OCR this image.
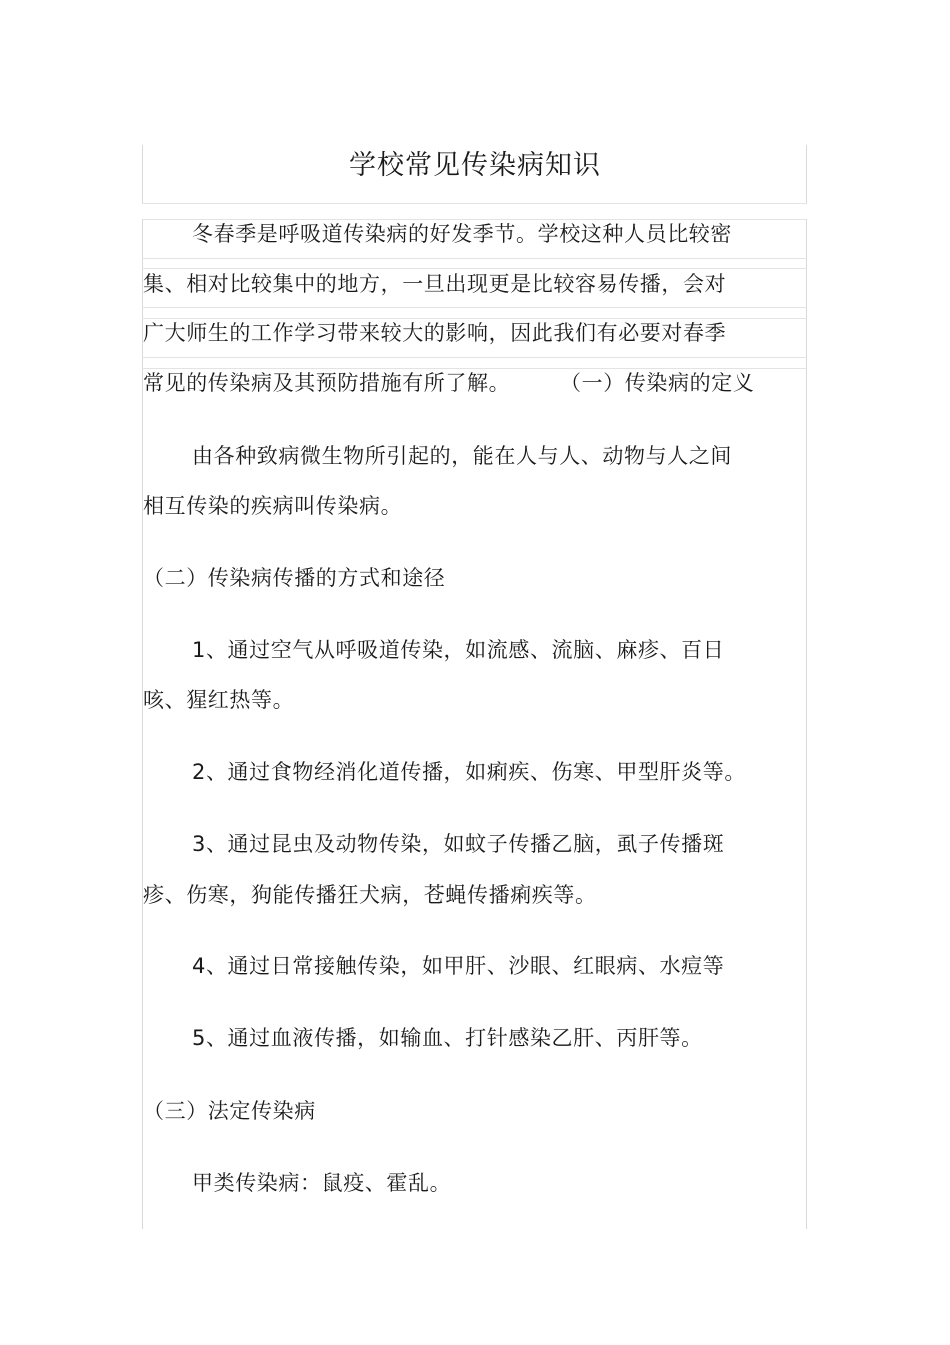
学校常见传染病知识
冬春季是呼吸道传染病的好发季节。学校这种人员比较密
集、相对比较集中的地方，一旦出现更是比较容易传播，会对
广大师生的工作学习带来较大的影响，因此我们有必要对春季
常见的传染病及其预防措施有所了解。 （一）传染病的定义
由各种致病微生物所引起的，能在人与人、动物与人之间
相互传染的疾病叫传染病。
（二）传染病传播的方式和途径
1、通过空气从呼吸道传染，如流感、流脑、麻疹、百日
咳、猩红热等。
2、通过食物经消化道传播，如痢疾、伤寒、甲型肝炎等。
3、通过昆虫及动物传染，如蚊子传播乙脑，虱子传播斑
疹、伤寒，狗能传播狂犬病，苍蝇传播痢疾等。
4、通过日常接触传染，如甲肝、沙眼、红眼病、水痘等
5、通过血液传播，如输血、打针感染乙肝、丙肝等。
（三）法定传染病
甲类传染病：鼠疫、霍乱。
